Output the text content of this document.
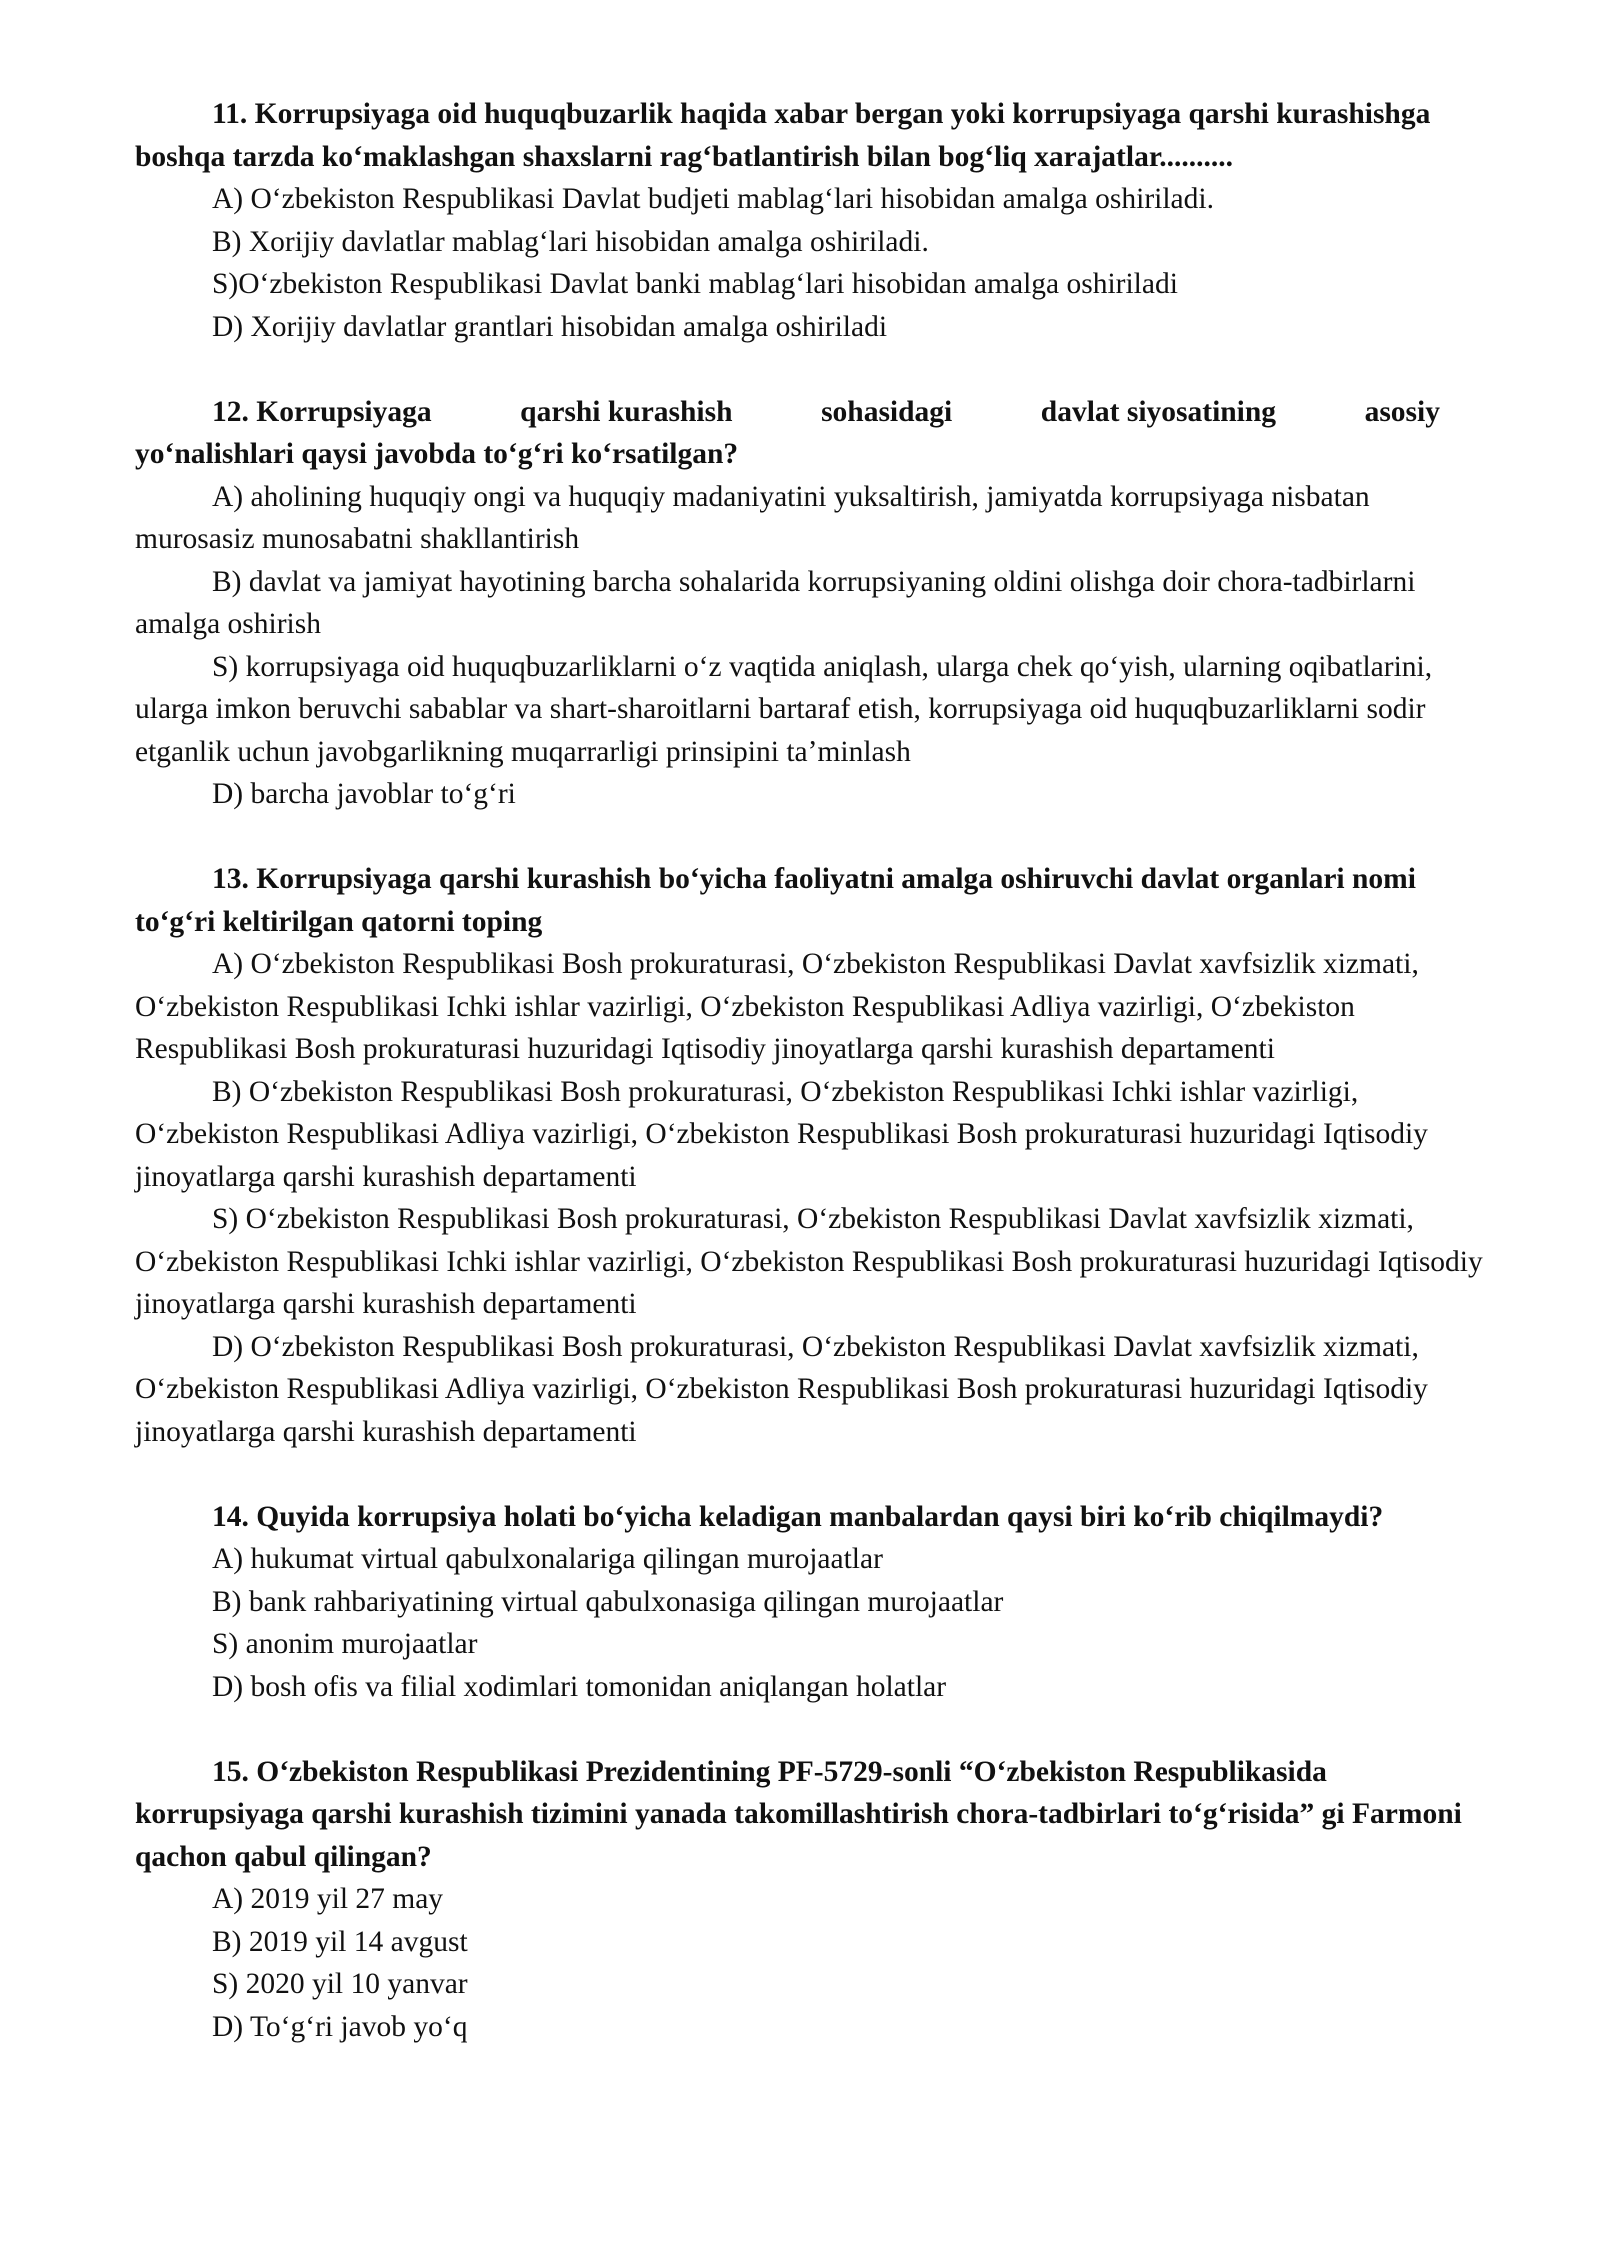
11. Korrupsiyaga oid huquqbuzarlik haqida xabar bergan yoki korrupsiyaga qarshi kurashishga boshqa tarzda koʻmaklashgan shaxslarni ragʻbatlantirish bilan bogʻliq xarajatlar..........

A) Oʻzbekiston Respublikasi Davlat budjeti mablagʻlari hisobidan amalga oshiriladi.

B) Xorijiy davlatlar mablagʻlari hisobidan amalga oshiriladi.

S)Oʻzbekiston Respublikasi Davlat banki mablagʻlari hisobidan amalga oshiriladi

D) Xorijiy davlatlar grantlari hisobidan amalga oshiriladi

12. Korrupsiyaga	qarshi kurashish	sohasidagi	davlat siyosatining	asosiy

yoʻnalishlari qaysi javobda toʻgʻri koʻrsatilgan?

A) aholining huquqiy ongi va huquqiy madaniyatini yuksaltirish, jamiyatda korrupsiyaga nisbatan murosasiz munosabatni shakllantirish

B) davlat va jamiyat hayotining barcha sohalarida korrupsiyaning oldini olishga doir chora-tadbirlarni amalga oshirish

S) korrupsiyaga oid huquqbuzarliklarni oʻz vaqtida aniqlash, ularga chek qoʻyish, ularning oqibatlarini, ularga imkon beruvchi sabablar va shart-sharoitlarni bartaraf etish, korrupsiyaga oid huquqbuzarliklarni sodir etganlik uchun javobgarlikning muqarrarligi prinsipini taʼminlash

D) barcha javoblar toʻgʻri

13. Korrupsiyaga qarshi kurashish boʻyicha faoliyatni amalga oshiruvchi davlat organlari nomi toʻgʻri keltirilgan qatorni toping

A) Oʻzbekiston Respublikasi Bosh prokuraturasi, Oʻzbekiston Respublikasi Davlat xavfsizlik xizmati, Oʻzbekiston Respublikasi Ichki ishlar vazirligi, Oʻzbekiston Respublikasi Adliya vazirligi, Oʻzbekiston Respublikasi Bosh prokuraturasi huzuridagi Iqtisodiy jinoyatlarga qarshi kurashish departamenti

B) Oʻzbekiston Respublikasi Bosh prokuraturasi, Oʻzbekiston Respublikasi Ichki ishlar vazirligi, Oʻzbekiston Respublikasi Adliya vazirligi, Oʻzbekiston Respublikasi Bosh prokuraturasi huzuridagi Iqtisodiy jinoyatlarga qarshi kurashish departamenti

S) Oʻzbekiston Respublikasi Bosh prokuraturasi, Oʻzbekiston Respublikasi Davlat xavfsizlik xizmati, Oʻzbekiston Respublikasi Ichki ishlar vazirligi, Oʻzbekiston Respublikasi Bosh prokuraturasi huzuridagi Iqtisodiy jinoyatlarga qarshi kurashish departamenti

D) Oʻzbekiston Respublikasi Bosh prokuraturasi, Oʻzbekiston Respublikasi Davlat xavfsizlik xizmati, Oʻzbekiston Respublikasi Adliya vazirligi, Oʻzbekiston Respublikasi Bosh prokuraturasi huzuridagi Iqtisodiy jinoyatlarga qarshi kurashish departamenti

14. Quyida korrupsiya holati boʻyicha keladigan manbalardan qaysi biri koʻrib chiqilmaydi?

A) hukumat virtual qabulxonalariga qilingan murojaatlar

B) bank rahbariyatining virtual qabulxonasiga qilingan murojaatlar

S) anonim murojaatlar

D) bosh ofis va filial xodimlari tomonidan aniqlangan holatlar

15. Oʻzbekiston Respublikasi Prezidentining PF-5729-sonli “Oʻzbekiston Respublikasida korrupsiyaga qarshi kurashish tizimini yanada takomillashtirish chora-tadbirlari toʻgʻrisida” gi Farmoni qachon qabul qilingan?

A) 2019 yil 27 may

B) 2019 yil 14 avgust

S) 2020 yil 10 yanvar

D) Toʻgʻri javob yoʻq
